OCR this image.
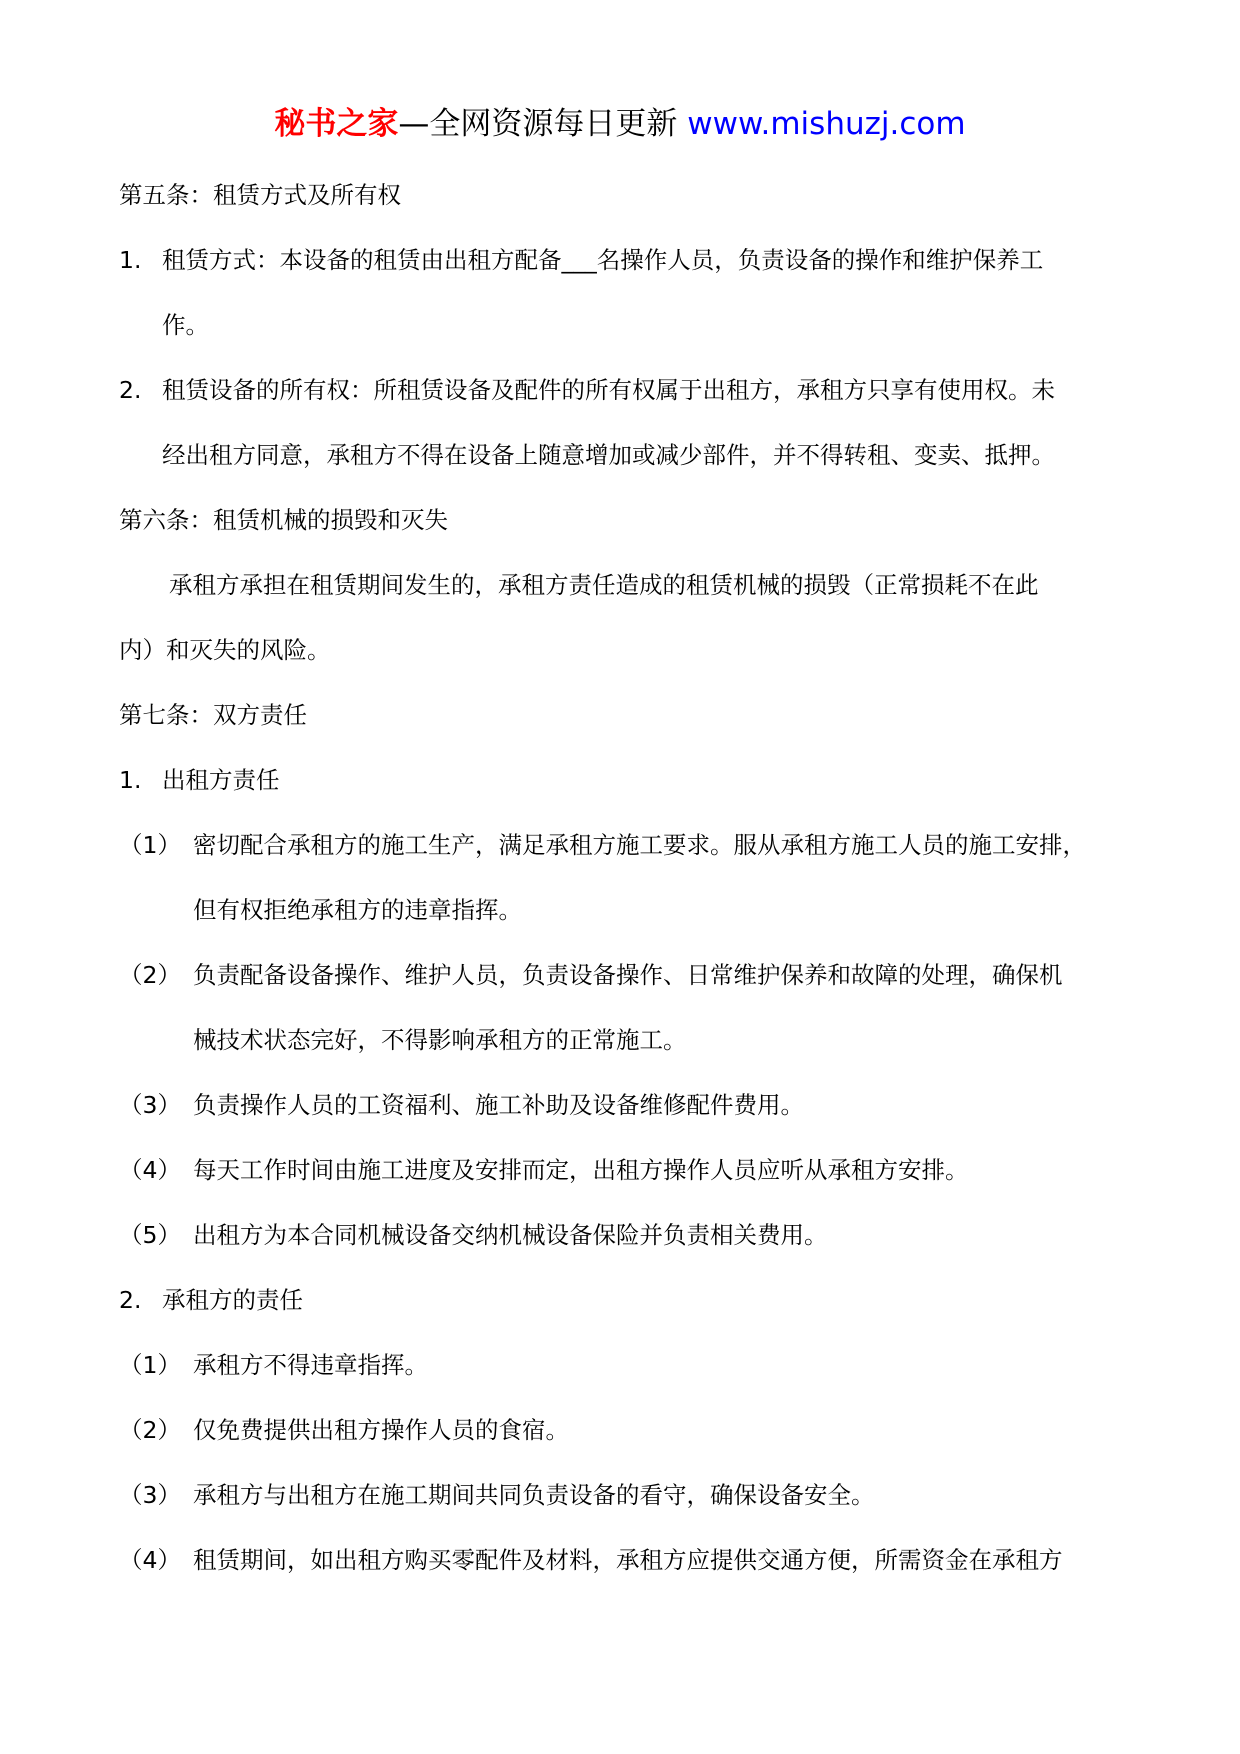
秘书之家—全网资源每日更新 www.mishuzj.com
第五条：租赁方式及所有权
1. 租赁方式：本设备的租赁由出租方配备___名操作人员，负责设备的操作和维护保养工
作。
2. 租赁设备的所有权：所租赁设备及配件的所有权属于出租方，承租方只享有使用权。未
经出租方同意，承租方不得在设备上随意增加或减少部件，并不得转租、变卖、抵押。
第六条：租赁机械的损毁和灭失
承租方承担在租赁期间发生的，承租方责任造成的租赁机械的损毁（正常损耗不在此
内）和灭失的风险。
第七条：双方责任
1. 出租方责任
（1） 密切配合承租方的施工生产，满足承租方施工要求。服从承租方施工人员的施工安排，
但有权拒绝承租方的违章指挥。
（2） 负责配备设备操作、维护人员，负责设备操作、日常维护保养和故障的处理，确保机
械技术状态完好，不得影响承租方的正常施工。
（3） 负责操作人员的工资福利、施工补助及设备维修配件费用。
（4） 每天工作时间由施工进度及安排而定，出租方操作人员应听从承租方安排。
（5） 出租方为本合同机械设备交纳机械设备保险并负责相关费用。
2. 承租方的责任
（1） 承租方不得违章指挥。
（2） 仅免费提供出租方操作人员的食宿。
（3） 承租方与出租方在施工期间共同负责设备的看守，确保设备安全。
（4） 租赁期间，如出租方购买零配件及材料，承租方应提供交通方便，所需资金在承租方
